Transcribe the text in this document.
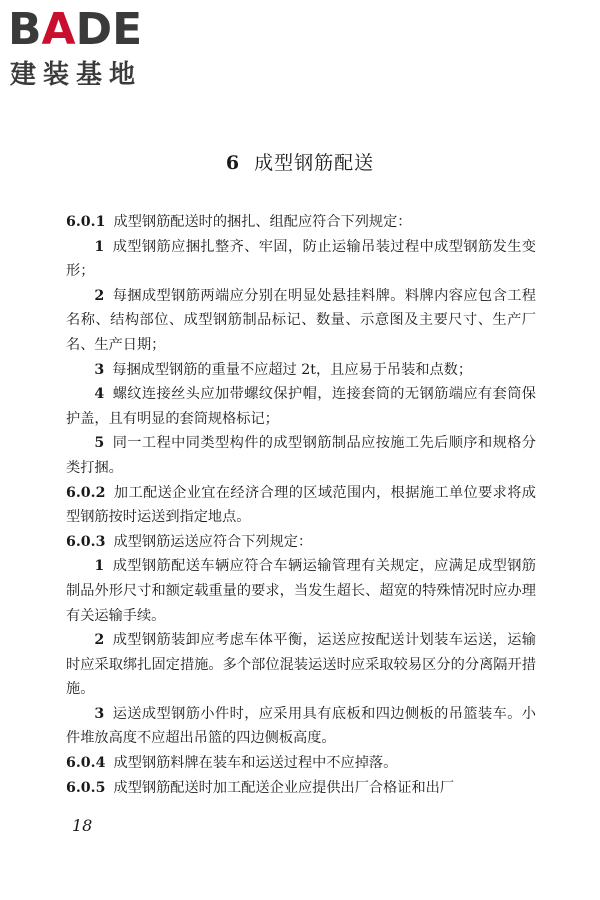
BADE
建装基地
6 成型钢筋配送

6.0.1 成型钢筋配送时的捆扎、组配应符合下列规定：

1 成型钢筋应捆扎整齐、牢固，防止运输吊装过程中成型钢筋发生变形；

2 每捆成型钢筋两端应分别在明显处悬挂料牌。料牌内容应包含工程名称、结构部位、成型钢筋制品标记、数量、示意图及主要尺寸、生产厂名、生产日期；

3 每捆成型钢筋的重量不应超过 2t，且应易于吊装和点数；

4 螺纹连接丝头应加带螺纹保护帽，连接套筒的无钢筋端应有套筒保护盖，且有明显的套筒规格标记；

5 同一工程中同类型构件的成型钢筋制品应按施工先后顺序和规格分类打捆。

6.0.2 加工配送企业宜在经济合理的区域范围内，根据施工单位要求将成型钢筋按时运送到指定地点。

6.0.3 成型钢筋运送应符合下列规定：

1 成型钢筋配送车辆应符合车辆运输管理有关规定，应满足成型钢筋制品外形尺寸和额定载重量的要求，当发生超长、超宽的特殊情况时应办理有关运输手续。

2 成型钢筋装卸应考虑车体平衡，运送应按配送计划装车运送，运输时应采取绑扎固定措施。多个部位混装运送时应采取较易区分的分离隔开措施。

3 运送成型钢筋小件时，应采用具有底板和四边侧板的吊篮装车。小件堆放高度不应超出吊篮的四边侧板高度。

6.0.4 成型钢筋料牌在装车和运送过程中不应掉落。

6.0.5 成型钢筋配送时加工配送企业应提供出厂合格证和出厂

18
